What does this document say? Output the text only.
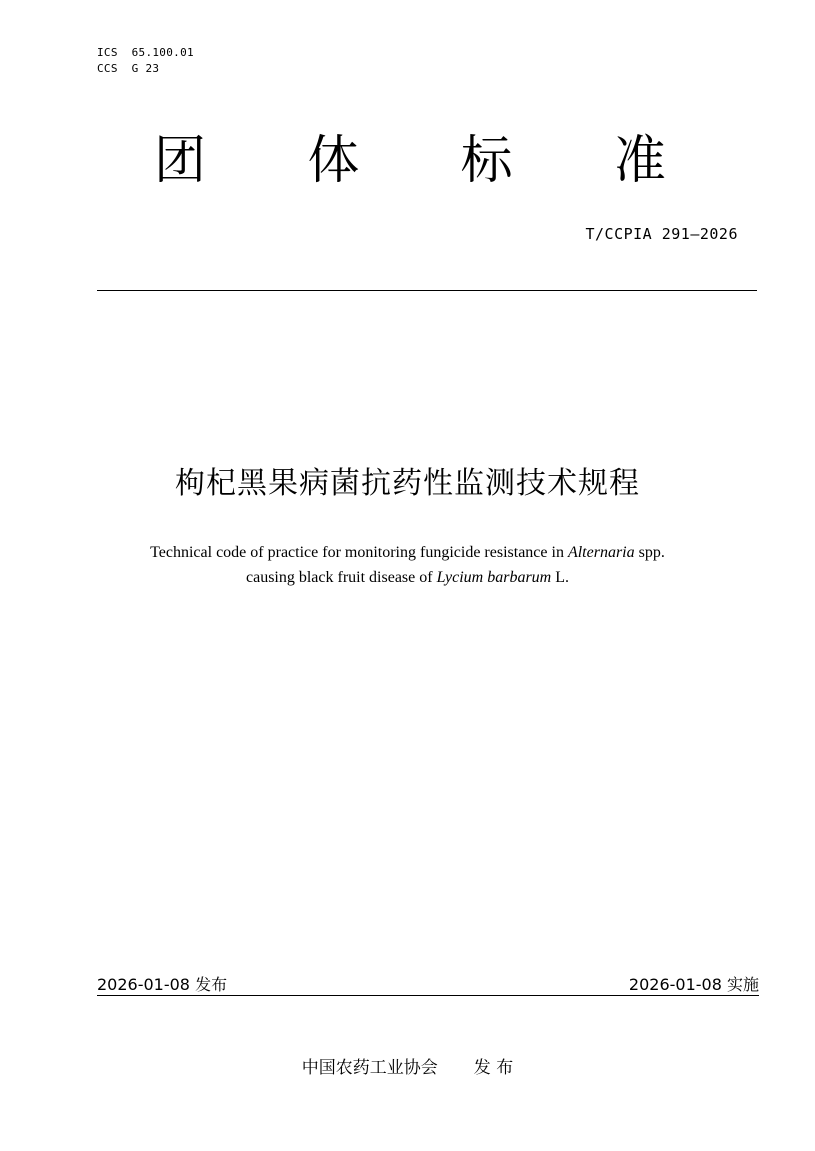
ICS  65.100.01
CCS  G 23
团 体 标 准
T/CCPIA 291—2026
枸杞黑果病菌抗药性监测技术规程
Technical code of practice for monitoring fungicide resistance in Alternaria spp.
causing black fruit disease of Lycium barbarum L.
2026-01-08 发布	2026-01-08 实施
中国农药工业协会 发 布
